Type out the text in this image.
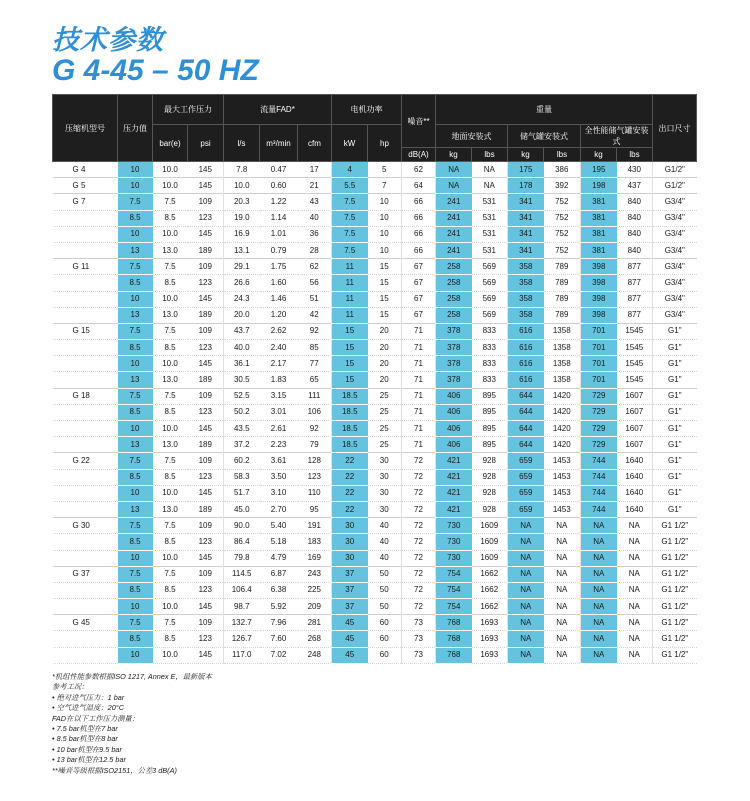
技术参数
G 4-45 – 50 HZ
压缩机型号	压力值	最大工作压力		流量FAD*			电机功率		噪音**	重量						出口尺寸
		bar(e)	psi	l/s	m³/min	cfm	kW	hp		地面安装式		储气罐安装式		全性能储气罐安装式		
									dB(A)	kg	lbs	kg	lbs	kg	lbs	
G 4	10	10.0	145	7.8	0.47	17	4	5	62	NA	NA	175	386	195	430	G1/2"
G 5	10	10.0	145	10.0	0.60	21	5.5	7	64	NA	NA	178	392	198	437	G1/2"
G 7	7.5	7.5	109	20.3	1.22	43	7.5	10	66	241	531	341	752	381	840	G3/4"
	8.5	8.5	123	19.0	1.14	40	7.5	10	66	241	531	341	752	381	840	G3/4"
	10	10.0	145	16.9	1.01	36	7.5	10	66	241	531	341	752	381	840	G3/4"
	13	13.0	189	13.1	0.79	28	7.5	10	66	241	531	341	752	381	840	G3/4"
G 11	7.5	7.5	109	29.1	1.75	62	11	15	67	258	569	358	789	398	877	G3/4"
	8.5	8.5	123	26.6	1.60	56	11	15	67	258	569	358	789	398	877	G3/4"
	10	10.0	145	24.3	1.46	51	11	15	67	258	569	358	789	398	877	G3/4"
	13	13.0	189	20.0	1.20	42	11	15	67	258	569	358	789	398	877	G3/4"
G 15	7.5	7.5	109	43.7	2.62	92	15	20	71	378	833	616	1358	701	1545	G1"
	8.5	8.5	123	40.0	2.40	85	15	20	71	378	833	616	1358	701	1545	G1"
	10	10.0	145	36.1	2.17	77	15	20	71	378	833	616	1358	701	1545	G1"
	13	13.0	189	30.5	1.83	65	15	20	71	378	833	616	1358	701	1545	G1"
G 18	7.5	7.5	109	52.5	3.15	111	18.5	25	71	406	895	644	1420	729	1607	G1"
	8.5	8.5	123	50.2	3.01	106	18.5	25	71	406	895	644	1420	729	1607	G1"
	10	10.0	145	43.5	2.61	92	18.5	25	71	406	895	644	1420	729	1607	G1"
	13	13.0	189	37.2	2.23	79	18.5	25	71	406	895	644	1420	729	1607	G1"
G 22	7.5	7.5	109	60.2	3.61	128	22	30	72	421	928	659	1453	744	1640	G1"
	8.5	8.5	123	58.3	3.50	123	22	30	72	421	928	659	1453	744	1640	G1"
	10	10.0	145	51.7	3.10	110	22	30	72	421	928	659	1453	744	1640	G1"
	13	13.0	189	45.0	2.70	95	22	30	72	421	928	659	1453	744	1640	G1"
G 30	7.5	7.5	109	90.0	5.40	191	30	40	72	730	1609	NA	NA	NA	NA	G1 1/2"
	8.5	8.5	123	86.4	5.18	183	30	40	72	730	1609	NA	NA	NA	NA	G1 1/2"
	10	10.0	145	79.8	4.79	169	30	40	72	730	1609	NA	NA	NA	NA	G1 1/2"
G 37	7.5	7.5	109	114.5	6.87	243	37	50	72	754	1662	NA	NA	NA	NA	G1 1/2"
	8.5	8.5	123	106.4	6.38	225	37	50	72	754	1662	NA	NA	NA	NA	G1 1/2"
	10	10.0	145	98.7	5.92	209	37	50	72	754	1662	NA	NA	NA	NA	G1 1/2"
G 45	7.5	7.5	109	132.7	7.96	281	45	60	73	768	1693	NA	NA	NA	NA	G1 1/2"
	8.5	8.5	123	126.7	7.60	268	45	60	73	768	1693	NA	NA	NA	NA	G1 1/2"
	10	10.0	145	117.0	7.02	248	45	60	73	768	1693	NA	NA	NA	NA	G1 1/2"
*机组性能参数根据ISO 1217, Annex E，最新版本
参考工况：
• 绝对进气压力：1 bar
• 空气进气温度：20°C
FAD在以下工作压力测量：
• 7.5 bar机型在7 bar
• 8.5 bar机型在8 bar
• 10 bar机型在9.5 bar
• 13 bar机型在12.5 bar
**噪音等级根据ISO2151，公差3 dB(A)
